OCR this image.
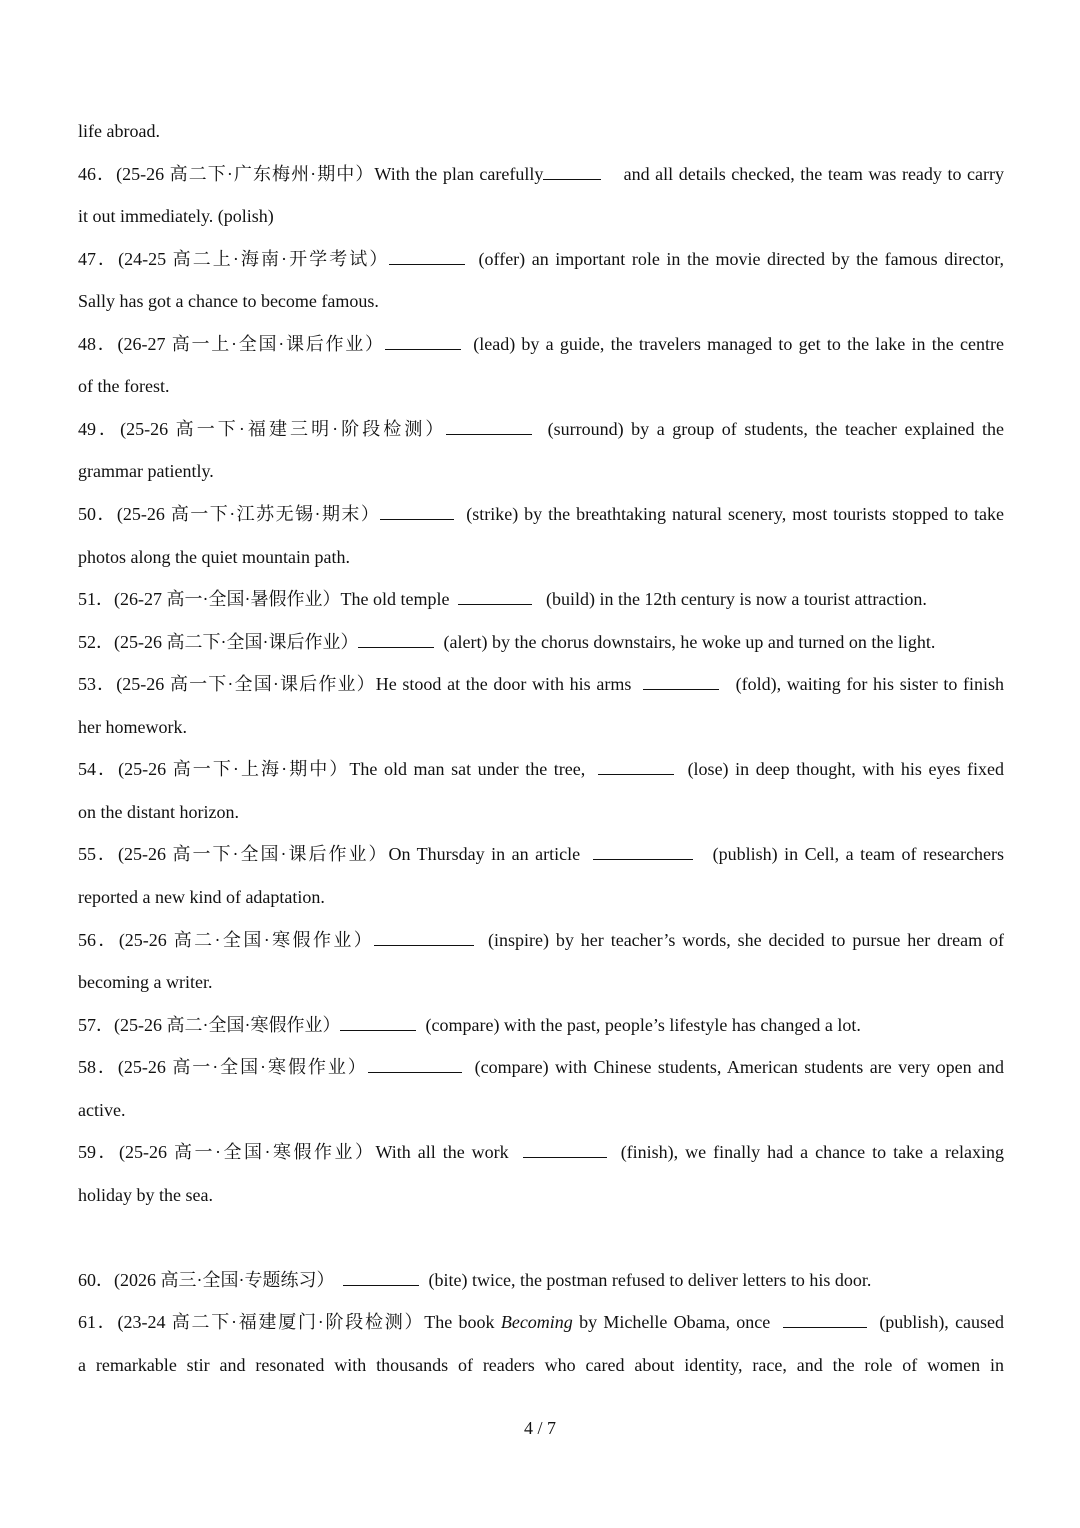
life abroad.
46．(25-26 高二下·广东梅州·期中）With the plan carefully	and all details checked, the team was ready to carry
it out immediately. (polish)
47．(24-25 高二上·海南·开学考试）	(offer) an important role in the movie directed by the famous director,
Sally has got a chance to become famous.
48．(26-27 高一上·全国·课后作业）	(lead) by a guide, the travelers managed to get to the lake in the centre
of the forest.
49．(25-26 高一下·福建三明·阶段检测）	(surround) by a group of students, the teacher explained the
grammar patiently.
50．(25-26 高一下·江苏无锡·期末）	(strike) by the breathtaking natural scenery, most tourists stopped to take
photos along the quiet mountain path.
51．(26-27 高一·全国·暑假作业）The old temple	(build) in the 12th century is now a tourist attraction.
52．(25-26 高二下·全国·课后作业）	(alert) by the chorus downstairs, he woke up and turned on the light.
53．(25-26 高一下·全国·课后作业）He stood at the door with his arms	(fold), waiting for his sister to finish
her homework.
54．(25-26 高一下·上海·期中）The old man sat under the tree,	(lose) in deep thought, with his eyes fixed
on the distant horizon.
55．(25-26 高一下·全国·课后作业）On Thursday in an article	(publish) in Cell, a team of researchers
reported a new kind of adaptation.
56．(25-26 高二·全国·寒假作业）	(inspire) by her teacher’s words, she decided to pursue her dream of
becoming a writer.
57．(25-26 高二·全国·寒假作业）	(compare) with the past, people’s lifestyle has changed a lot.
58．(25-26 高一·全国·寒假作业）	(compare) with Chinese students, American students are very open and
active.
59．(25-26 高一·全国·寒假作业）With all the work	(finish), we finally had a chance to take a relaxing
holiday by the sea.
60．(2026 高三·全国·专题练习）	(bite) twice, the postman refused to deliver letters to his door.
61．(23-24 高二下·福建厦门·阶段检测）The book Becoming by Michelle Obama, once	(publish), caused
a remarkable stir and resonated with thousands of readers who cared about identity, race, and the role of women in
4 / 7
